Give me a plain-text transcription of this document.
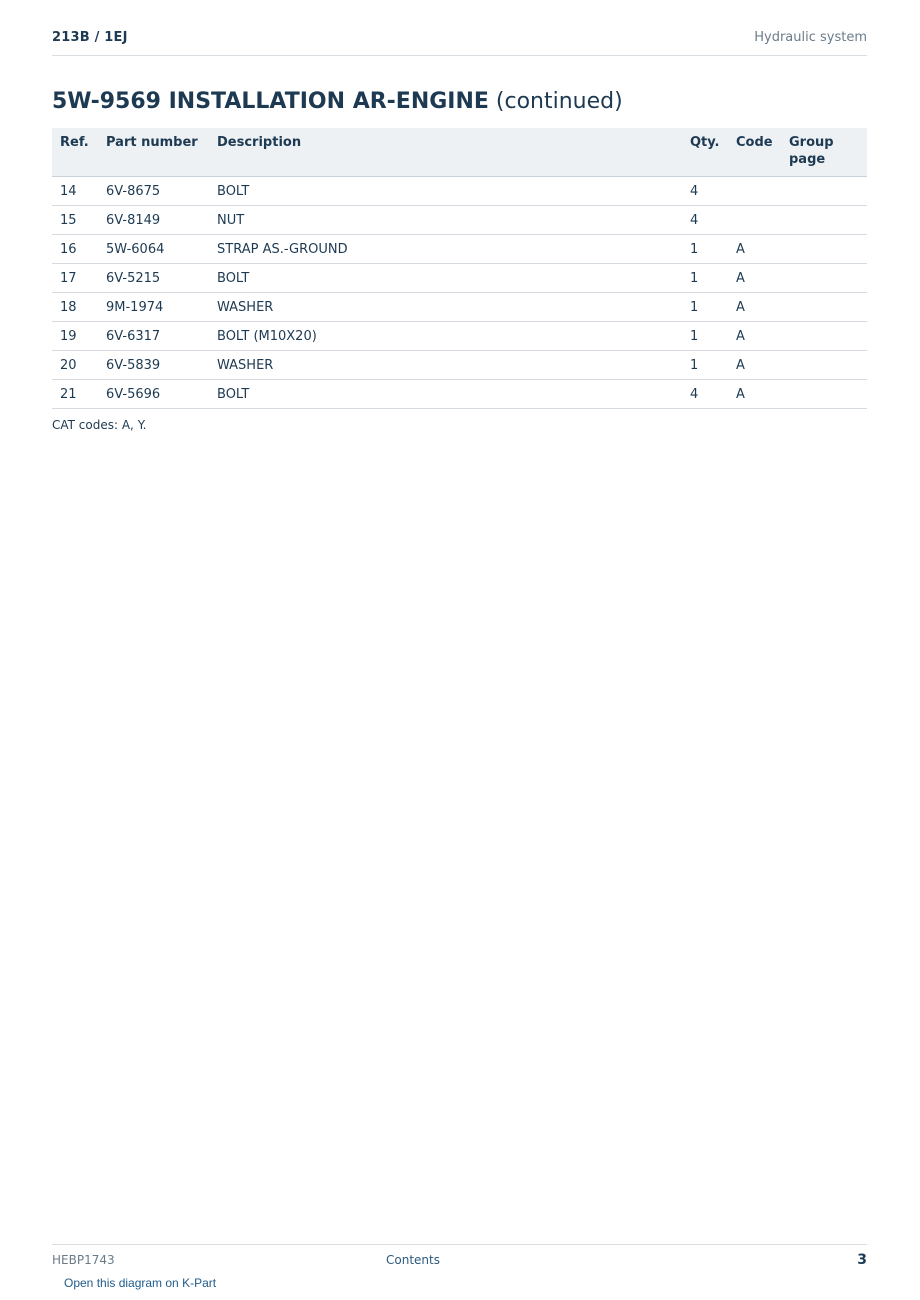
213B / 1EJ	Hydraulic system
5W-9569 INSTALLATION AR-ENGINE (continued)
Ref.	Part number	Description	Qty.	Code	Group page
14	6V-8675	BOLT	4		
15	6V-8149	NUT	4		
16	5W-6064	STRAP AS.-GROUND	1	A	
17	6V-5215	BOLT	1	A	
18	9M-1974	WASHER	1	A	
19	6V-6317	BOLT (M10X20)	1	A	
20	6V-5839	WASHER	1	A	
21	6V-5696	BOLT	4	A	
CAT codes: A, Y.
HEBP1743	Contents	3
Open this diagram on K-Part
